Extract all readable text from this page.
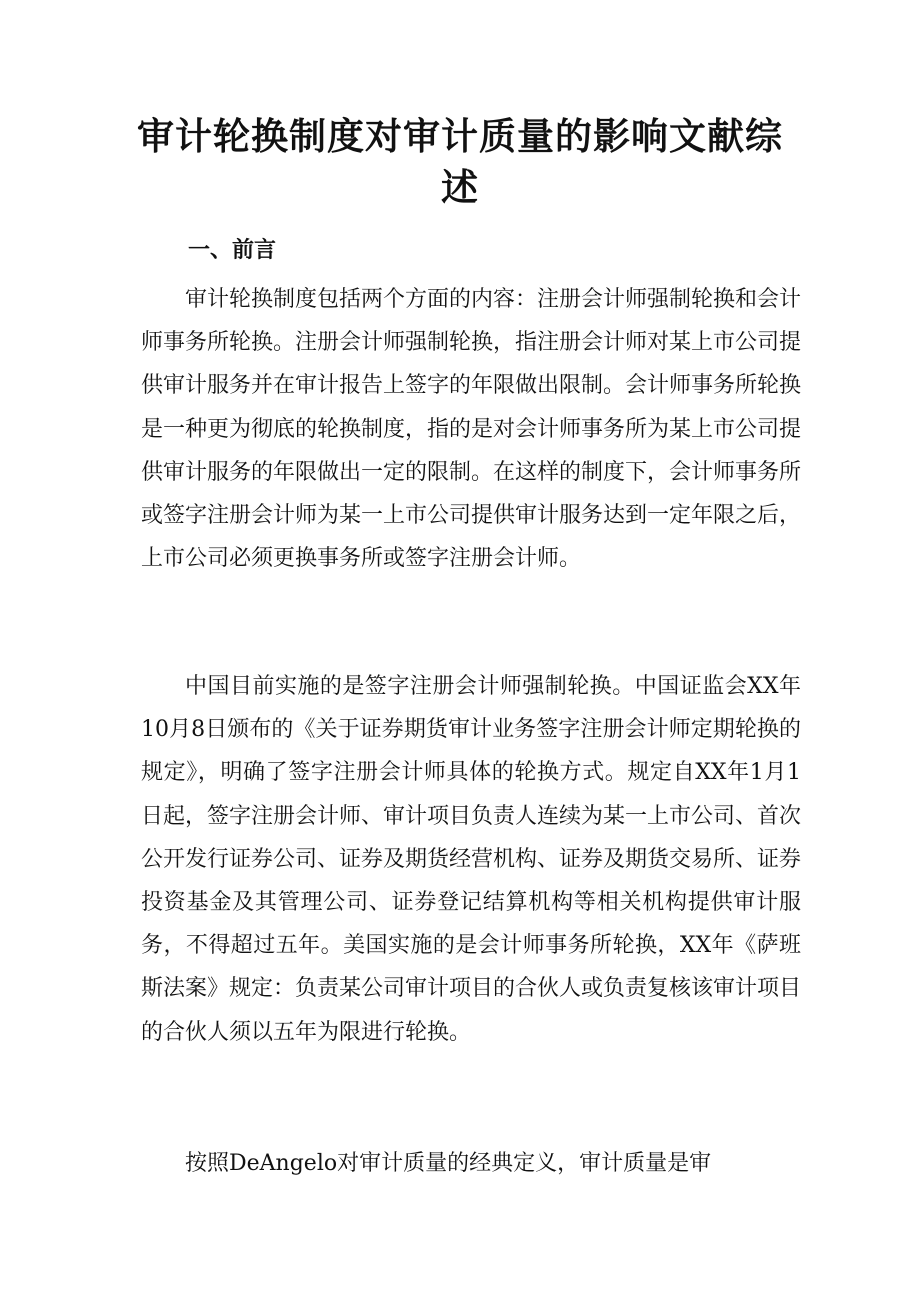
审计轮换制度对审计质量的影响文献综
述
一、前言

审计轮换制度包括两个方面的内容：注册会计师强制轮换和会计师事务所轮换。注册会计师强制轮换，指注册会计师对某上市公司提供审计服务并在审计报告上签字的年限做出限制。会计师事务所轮换是一种更为彻底的轮换制度，指的是对会计师事务所为某上市公司提供审计服务的年限做出一定的限制。在这样的制度下，会计师事务所或签字注册会计师为某一上市公司提供审计服务达到一定年限之后，上市公司必须更换事务所或签字注册会计师。

中国目前实施的是签字注册会计师强制轮换。中国证监会XX年10月8日颁布的《关于证券期货审计业务签字注册会计师定期轮换的规定》，明确了签字注册会计师具体的轮换方式。规定自XX年1月1日起，签字注册会计师、审计项目负责人连续为某一上市公司、首次公开发行证券公司、证券及期货经营机构、证券及期货交易所、证券投资基金及其管理公司、证券登记结算机构等相关机构提供审计服务，不得超过五年。美国实施的是会计师事务所轮换，XX年《萨班斯法案》规定：负责某公司审计项目的合伙人或负责复核该审计项目的合伙人须以五年为限进行轮换。

按照DeAngelo对审计质量的经典定义，审计质量是审
